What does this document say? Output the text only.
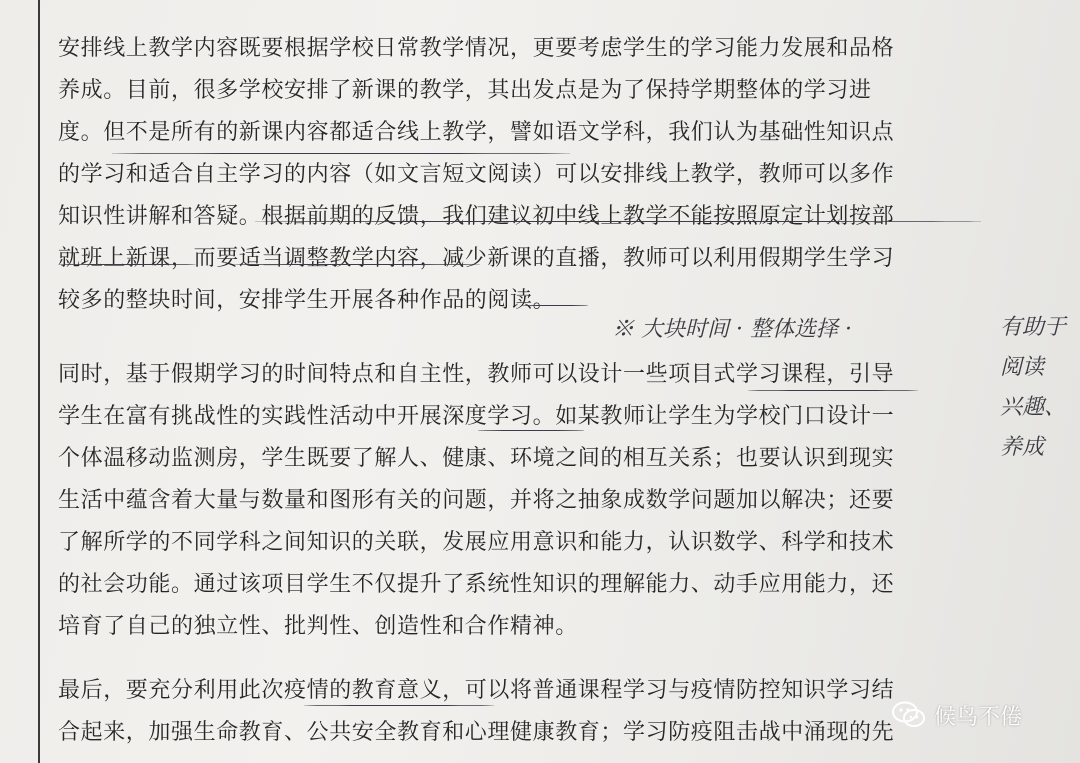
安排线上教学内容既要根据学校日常教学情况，更要考虑学生的学习能力发展和品格
养成。目前，很多学校安排了新课的教学，其出发点是为了保持学期整体的学习进
度。但不是所有的新课内容都适合线上教学，譬如语文学科，我们认为基础性知识点
的学习和适合自主学习的内容（如文言短文阅读）可以安排线上教学，教师可以多作
知识性讲解和答疑。根据前期的反馈，我们建议初中线上教学不能按照原定计划按部
就班上新课，而要适当调整教学内容，减少新课的直播，教师可以利用假期学生学习
较多的整块时间，安排学生开展各种作品的阅读。
同时，基于假期学习的时间特点和自主性，教师可以设计一些项目式学习课程，引导
学生在富有挑战性的实践性活动中开展深度学习。如某教师让学生为学校门口设计一
个体温移动监测房，学生既要了解人、健康、环境之间的相互关系；也要认识到现实
生活中蕴含着大量与数量和图形有关的问题，并将之抽象成数学问题加以解决；还要
了解所学的不同学科之间知识的关联，发展应用意识和能力，认识数学、科学和技术
的社会功能。通过该项目学生不仅提升了系统性知识的理解能力、动手应用能力，还
培育了自己的独立性、批判性、创造性和合作精神。
最后，要充分利用此次疫情的教育意义，可以将普通课程学习与疫情防控知识学习结
合起来，加强生命教育、公共安全教育和心理健康教育；学习防疫阻击战中涌现的先
※ 大块时间 · 整体选择 ·	有助于
阅读
兴趣、
养成
候鸟不倦
